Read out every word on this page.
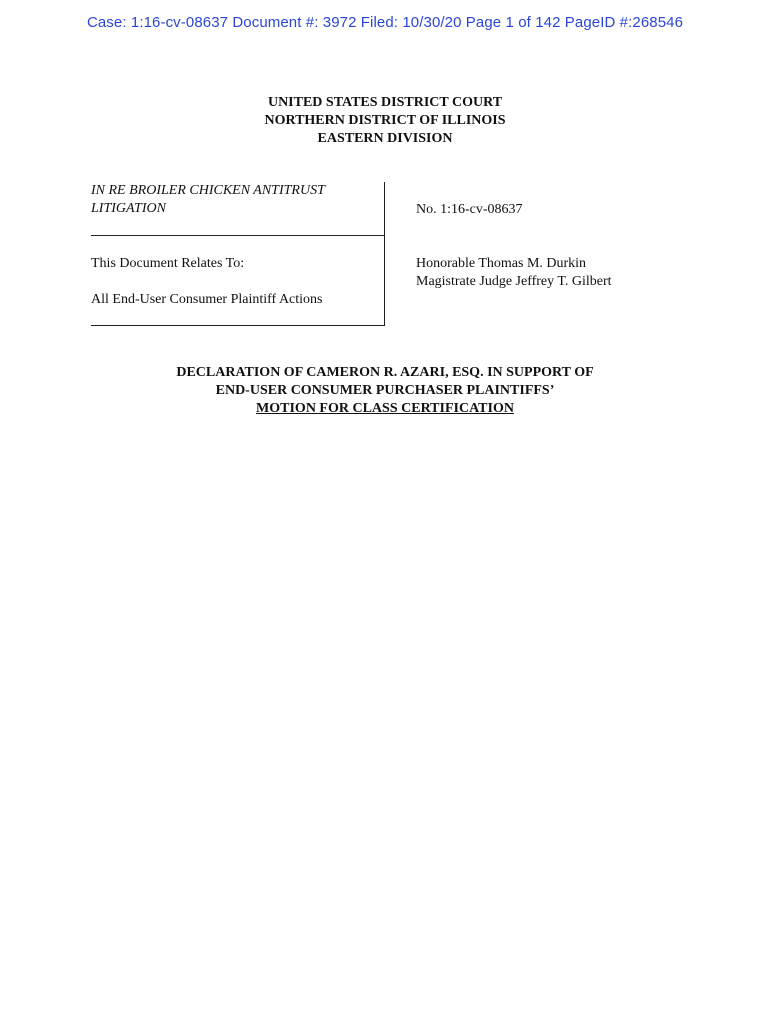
Case: 1:16-cv-08637 Document #: 3972 Filed: 10/30/20 Page 1 of 142 PageID #:268546
UNITED STATES DISTRICT COURT
NORTHERN DISTRICT OF ILLINOIS
EASTERN DIVISION
IN RE BROILER CHICKEN ANTITRUST
LITIGATION
This Document Relates To:
All End-User Consumer Plaintiff Actions
No. 1:16-cv-08637
Honorable Thomas M. Durkin
Magistrate Judge Jeffrey T. Gilbert
DECLARATION OF CAMERON R. AZARI, ESQ. IN SUPPORT OF
END-USER CONSUMER PURCHASER PLAINTIFFS’
MOTION FOR CLASS CERTIFICATION
